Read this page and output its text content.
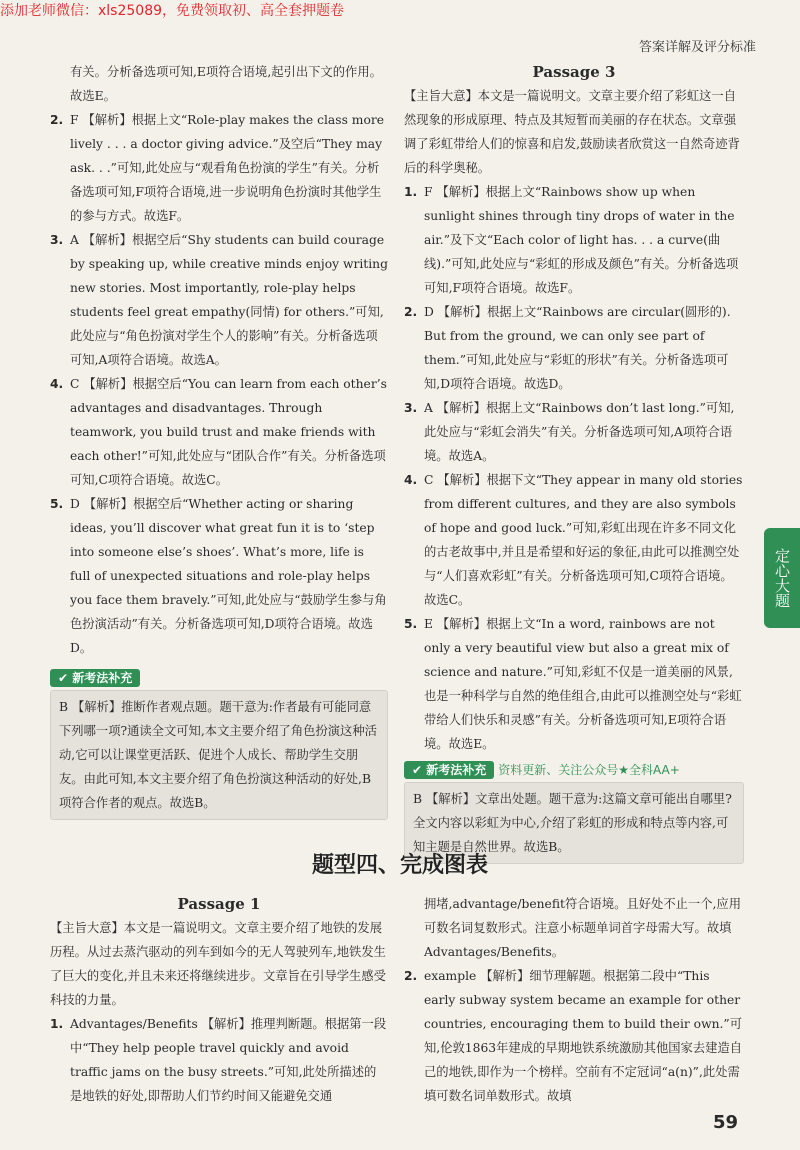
添加老师微信：xls25089，免费领取初、高全套押题卷
答案详解及评分标准

有关。分析备选项可知,E项符合语境,起引出下文的作用。故选E。

2. F 【解析】根据上文“Role-play makes the class more lively . . . a doctor giving advice.”及空后“They may ask. . .”可知,此处应与“观看角色扮演的学生”有关。分析备选项可知,F项符合语境,进一步说明角色扮演时其他学生的参与方式。故选F。

3. A 【解析】根据空后“Shy students can build courage by speaking up, while creative minds enjoy writing new stories. Most importantly, role-play helps students feel great empathy(同情) for others.”可知,此处应与“角色扮演对学生个人的影响”有关。分析备选项可知,A项符合语境。故选A。

4. C 【解析】根据空后“You can learn from each other’s advantages and disadvantages. Through teamwork, you build trust and make friends with each other!”可知,此处应与“团队合作”有关。分析备选项可知,C项符合语境。故选C。

5. D 【解析】根据空后“Whether acting or sharing ideas, you’ll discover what great fun it is to ‘step into someone else’s shoes’. What’s more, life is full of unexpected situations and role-play helps you face them bravely.”可知,此处应与“鼓励学生参与角色扮演活动”有关。分析备选项可知,D项符合语境。故选D。

✔ 新考法补充
B 【解析】推断作者观点题。题干意为:作者最有可能同意下列哪一项?通读全文可知,本文主要介绍了角色扮演这种活动,它可以让课堂更活跃、促进个人成长、帮助学生交朋友。由此可知,本文主要介绍了角色扮演这种活动的好处,B项符合作者的观点。故选B。

Passage 3

【主旨大意】本文是一篇说明文。文章主要介绍了彩虹这一自然现象的形成原理、特点及其短暂而美丽的存在状态。文章强调了彩虹带给人们的惊喜和启发,鼓励读者欣赏这一自然奇迹背后的科学奥秘。

1. F 【解析】根据上文“Rainbows show up when sunlight shines through tiny drops of water in the air.”及下文“Each color of light has. . . a curve(曲线).”可知,此处应与“彩虹的形成及颜色”有关。分析备选项可知,F项符合语境。故选F。

2. D 【解析】根据上文“Rainbows are circular(圆形的). But from the ground, we can only see part of them.”可知,此处应与“彩虹的形状”有关。分析备选项可知,D项符合语境。故选D。

3. A 【解析】根据上文“Rainbows don’t last long.”可知,此处应与“彩虹会消失”有关。分析备选项可知,A项符合语境。故选A。

4. C 【解析】根据下文“They appear in many old stories from different cultures, and they are also symbols of hope and good luck.”可知,彩虹出现在许多不同文化的古老故事中,并且是希望和好运的象征,由此可以推测空处与“人们喜欢彩虹”有关。分析备选项可知,C项符合语境。故选C。

5. E 【解析】根据上文“In a word, rainbows are not only a very beautiful view but also a great mix of science and nature.”可知,彩虹不仅是一道美丽的风景,也是一种科学与自然的绝佳组合,由此可以推测空处与“彩虹带给人们快乐和灵感”有关。分析备选项可知,E项符合语境。故选E。

✔ 新考法补充 资料更新、关注公众号★全科AA+
B 【解析】文章出处题。题干意为:这篇文章可能出自哪里?全文内容以彩虹为中心,介绍了彩虹的形成和特点等内容,可知主题是自然世界。故选B。
定心大题
题型四、完成图表

Passage 1

【主旨大意】本文是一篇说明文。文章主要介绍了地铁的发展历程。从过去蒸汽驱动的列车到如今的无人驾驶列车,地铁发生了巨大的变化,并且未来还将继续进步。文章旨在引导学生感受科技的力量。

1. Advantages/Benefits 【解析】推理判断题。根据第一段中“They help people travel quickly and avoid traffic jams on the busy streets.”可知,此处所描述的是地铁的好处,即帮助人们节约时间又能避免交通

拥堵,advantage/benefit符合语境。且好处不止一个,应用可数名词复数形式。注意小标题单词首字母需大写。故填Advantages/Benefits。

2. example 【解析】细节理解题。根据第二段中“This early subway system became an example for other countries, encouraging them to build their own.”可知,伦敦1863年建成的早期地铁系统激励其他国家去建造自己的地铁,即作为一个榜样。空前有不定冠词“a(n)”,此处需填可数名词单数形式。故填

59
